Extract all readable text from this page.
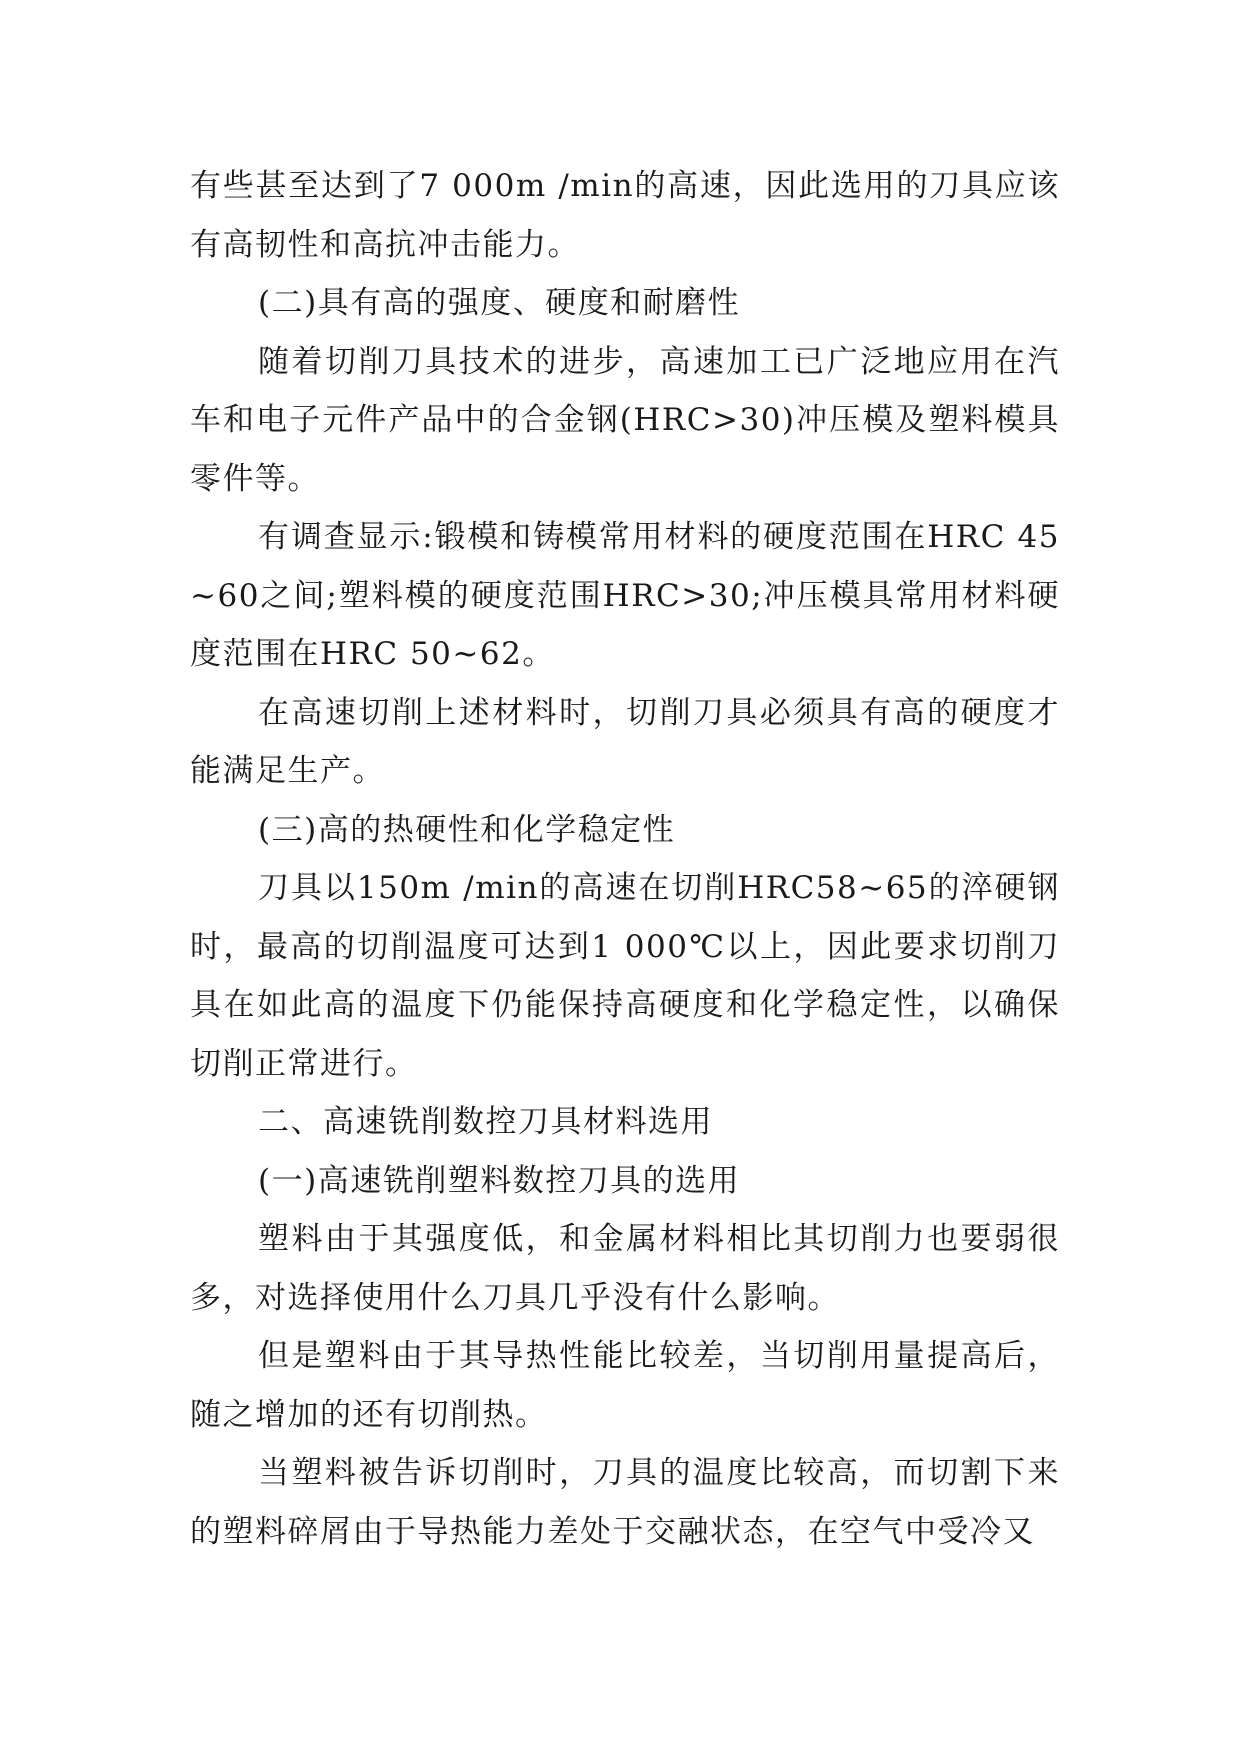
有些甚至达到了7 000m /min的高速，因此选用的刀具应该有高韧性和高抗冲击能力。

(二)具有高的强度、硬度和耐磨性

随着切削刀具技术的进步，高速加工已广泛地应用在汽车和电子元件产品中的合金钢(HRC>30)冲压模及塑料模具零件等。

有调查显示:锻模和铸模常用材料的硬度范围在HRC 45~60之间;塑料模的硬度范围HRC>30;冲压模具常用材料硬度范围在HRC 50~62。

在高速切削上述材料时，切削刀具必须具有高的硬度才能满足生产。

(三)高的热硬性和化学稳定性

刀具以150m /min的高速在切削HRC58~65的淬硬钢时，最高的切削温度可达到1 000℃以上，因此要求切削刀具在如此高的温度下仍能保持高硬度和化学稳定性，以确保切削正常进行。

二、高速铣削数控刀具材料选用

(一)高速铣削塑料数控刀具的选用

塑料由于其强度低，和金属材料相比其切削力也要弱很多，对选择使用什么刀具几乎没有什么影响。

但是塑料由于其导热性能比较差，当切削用量提高后，随之增加的还有切削热。

当塑料被告诉切削时，刀具的温度比较高，而切割下来的塑料碎屑由于导热能力差处于交融状态，在空气中受冷又
